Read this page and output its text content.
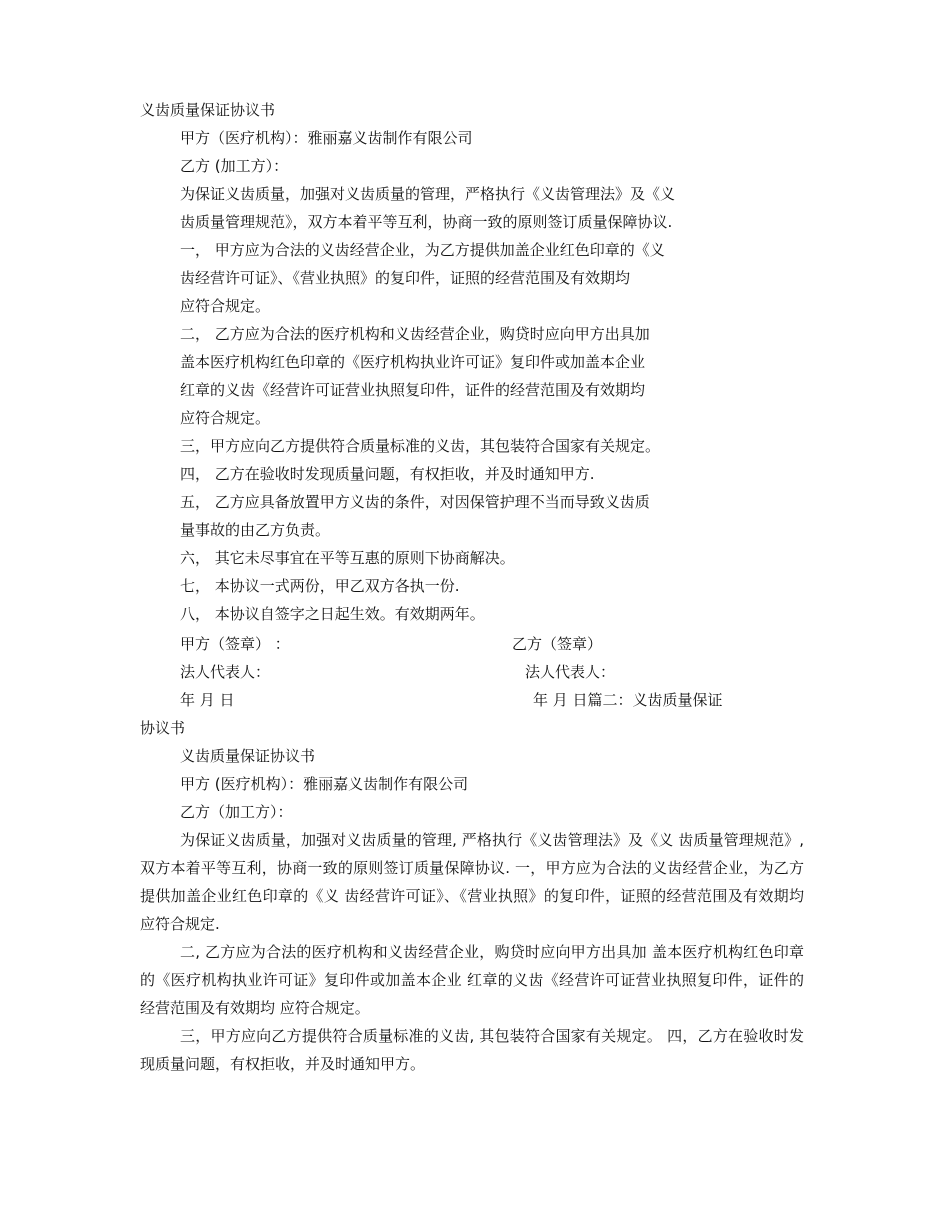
义齿质量保证协议书
甲方（医疗机构）：雅丽嘉义齿制作有限公司
乙方 (加工方）：
为保证义齿质量，加强对义齿质量的管理，严格执行《义齿管理法》及《义
齿质量管理规范》，双方本着平等互利，协商一致的原则签订质量保障协议.
一， 甲方应为合法的义齿经营企业，为乙方提供加盖企业红色印章的《义
齿经营许可证》、《营业执照》的复印件，证照的经营范围及有效期均
应符合规定。
二， 乙方应为合法的医疗机构和义齿经营企业，购贷时应向甲方出具加
盖本医疗机构红色印章的《医疗机构执业许可证》复印件或加盖本企业
红章的义齿《经营许可证营业执照复印件，证件的经营范围及有效期均
应符合规定。
三，甲方应向乙方提供符合质量标准的义齿，其包装符合国家有关规定。
四， 乙方在验收时发现质量问题，有权拒收，并及时通知甲方.
五， 乙方应具备放置甲方义齿的条件，对因保管护理不当而导致义齿质
量事故的由乙方负责。
六， 其它未尽事宜在平等互惠的原则下协商解决。
七， 本协议一式两份，甲乙双方各执一份.
八， 本协议自签字之日起生效。有效期两年。
甲方（签章） ：	乙方（签章）
法人代表人：	法人代表人：
年 月 日	年 月 日篇二：义齿质量保证
协议书
义齿质量保证协议书
甲方 (医疗机构）：雅丽嘉义齿制作有限公司
乙方（加工方）：
为保证义齿质量，加强对义齿质量的管理, 严格执行《义齿管理法》及《义 齿质量管理规范》, 双方本着平等互利，协商一致的原则签订质量保障协议. 一，甲方应为合法的义齿经营企业，为乙方提供加盖企业红色印章的《义 齿经营许可证》、《营业执照》的复印件，证照的经营范围及有效期均 应符合规定.
二, 乙方应为合法的医疗机构和义齿经营企业，购贷时应向甲方出具加 盖本医疗机构红色印章的《医疗机构执业许可证》复印件或加盖本企业 红章的义齿《经营许可证营业执照复印件，证件的经营范围及有效期均 应符合规定。
三，甲方应向乙方提供符合质量标准的义齿, 其包装符合国家有关规定。 四，乙方在验收时发现质量问题，有权拒收，并及时通知甲方。
